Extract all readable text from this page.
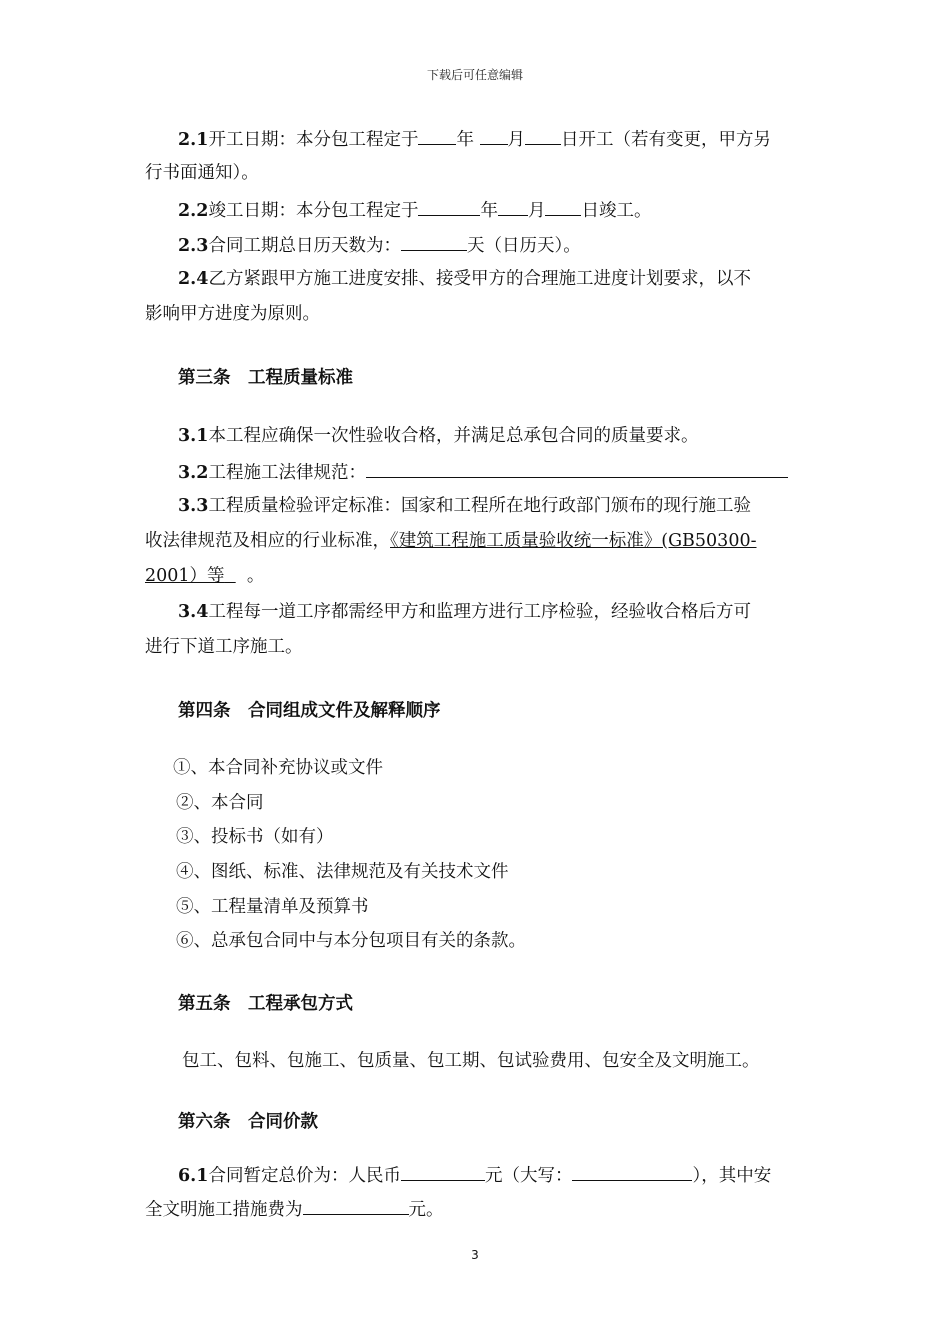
下载后可任意编辑
2.1开工日期：本分包工程定于 年 月 日开工（若有变更，甲方另
行书面通知）。
2.2竣工日期：本分包工程定于	年 月 日竣工。
2.3合同工期总日历天数为：	天（日历天）。
2.4乙方紧跟甲方施工进度安排、接受甲方的合理施工进度计划要求，以不
影响甲方进度为原则。
第三条　工程质量标准
3.1本工程应确保一次性验收合格，并满足总承包合同的质量要求。
3.2工程施工法律规范：
3.3工程质量检验评定标准：国家和工程所在地行政部门颁布的现行施工验
收法律规范及相应的行业标准，《建筑工程施工质量验收统一标准》(GB50300-
2001）等 。
3.4工程每一道工序都需经甲方和监理方进行工序检验，经验收合格后方可
进行下道工序施工。
第四条　合同组成文件及解释顺序
①、本合同补充协议或文件
②、本合同
③、投标书（如有）
④、图纸、标准、法律规范及有关技术文件
⑤、工程量清单及预算书
⑥、总承包合同中与本分包项目有关的条款。
第五条　工程承包方式
包工、包料、包施工、包质量、包工期、包试验费用、包安全及文明施工。
第六条　合同价款
6.1合同暂定总价为：人民币	元（大写：	），其中安
全文明施工措施费为	元。
3
